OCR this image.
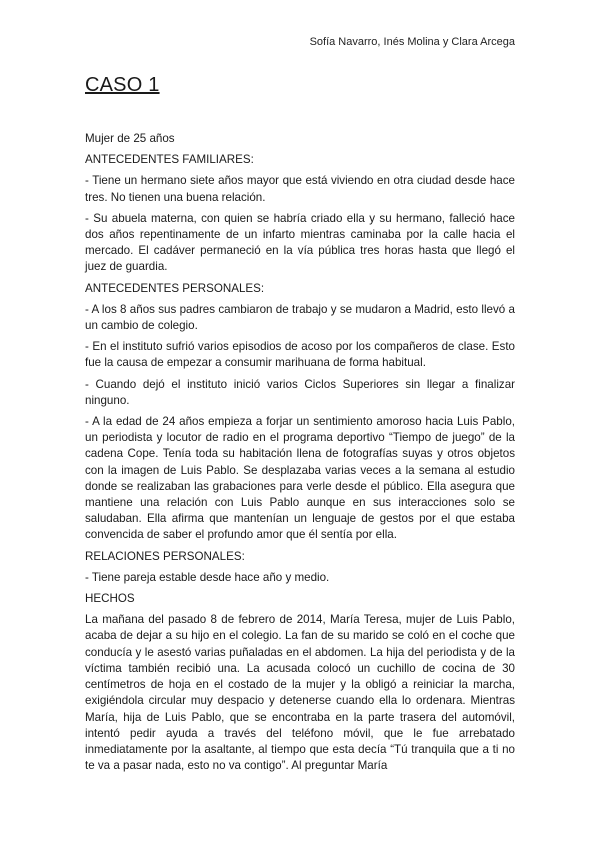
Sofía Navarro, Inés Molina y Clara Arcega
CASO 1

Mujer de 25 años

ANTECEDENTES FAMILIARES:

- Tiene un hermano siete años mayor que está viviendo en otra ciudad desde hace tres. No tienen una buena relación.

- Su abuela materna, con quien se habría criado ella y su hermano, falleció hace dos años repentinamente de un infarto mientras caminaba por la calle hacia el mercado. El cadáver permaneció en la vía pública tres horas hasta que llegó el juez de guardia.

ANTECEDENTES PERSONALES:

- A los 8 años sus padres cambiaron de trabajo y se mudaron a Madrid, esto llevó a un cambio de colegio.

- En el instituto sufrió varios episodios de acoso por los compañeros de clase. Esto fue la causa de empezar a consumir marihuana de forma habitual.

- Cuando dejó el instituto inició varios Ciclos Superiores sin llegar a finalizar ninguno.

- A la edad de 24 años empieza a forjar un sentimiento amoroso hacia Luis Pablo, un periodista y locutor de radio en el programa deportivo “Tiempo de juego” de la cadena Cope. Tenía toda su habitación llena de fotografías suyas y otros objetos con la imagen de Luis Pablo. Se desplazaba varias veces a la semana al estudio donde se realizaban las grabaciones para verle desde el público. Ella asegura que mantiene una relación con Luis Pablo aunque en sus interacciones solo se saludaban. Ella afirma que mantenían un lenguaje de gestos por el que estaba convencida de saber el profundo amor que él sentía por ella.

RELACIONES PERSONALES:

- Tiene pareja estable desde hace año y medio.

HECHOS

La mañana del pasado 8 de febrero de 2014, María Teresa, mujer de Luis Pablo, acaba de dejar a su hijo en el colegio. La fan de su marido se coló en el coche que conducía y le asestó varias puñaladas en el abdomen. La hija del periodista y de la víctima también recibió una. La acusada colocó un cuchillo de cocina de 30 centímetros de hoja en el costado de la mujer y la obligó a reiniciar la marcha, exigiéndola circular muy despacio y detenerse cuando ella lo ordenara. Mientras María, hija de Luis Pablo, que se encontraba en la parte trasera del automóvil, intentó pedir ayuda a través del teléfono móvil, que le fue arrebatado inmediatamente por la asaltante, al tiempo que esta decía “Tú tranquila que a ti no te va a pasar nada, esto no va contigo”. Al preguntar María
